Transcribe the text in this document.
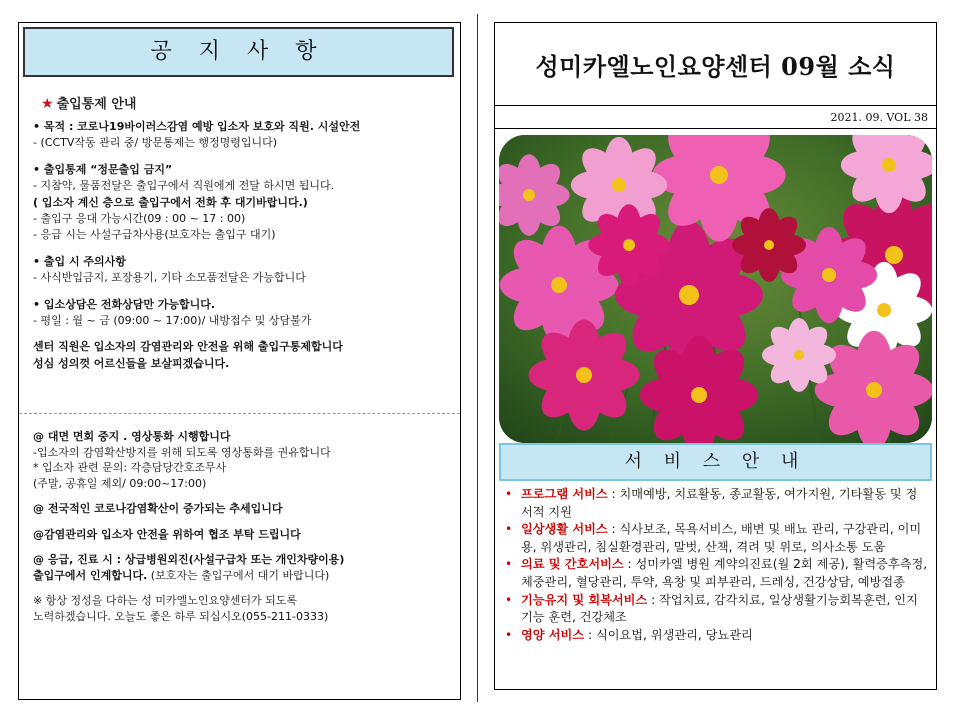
공 지 사 항
★ 출입통제 안내
• 목적 : 코로나19바이러스감염 예방 입소자 보호와 직원. 시설안전
- (CCTV작동 관리 중/ 방문통제는 행정명령입니다)
• 출입통제 “정문출입 금지”
- 지참약, 물품전달은 출입구에서 직원에게 전달 하시면 됩니다.
( 입소자 계신 층으로 출입구에서 전화 후 대기바랍니다.)
- 출입구 응대 가능시간(09 : 00 ~ 17 : 00)
- 응급 시는 사설구급차사용(보호자는 출입구 대기)
• 출입 시 주의사항
- 사식반입금지, 포장용기, 기타 소모품전달은 가능합니다
• 입소상담은 전화상담만 가능합니다.
- 평일 : 월 ~ 금 (09:00 ~ 17:00)/ 내방접수 및 상담불가
센터 직원은 입소자의 감염관리와 안전을 위해 출입구통제합니다
성심 성의껏 어르신들을 보살피겠습니다.
@ 대면 면회 중지 . 영상통화 시행합니다
-입소자의 감염확산방지를 위해 되도록 영상통화를 권유합니다
* 입소자 관련 문의: 각층담당간호조무사
(주말, 공휴일 제외/ 09:00~17:00)
@ 전국적인 코로나감염확산이 증가되는 추세입니다
@감염관리와 입소자 안전을 위하여 협조 부탁 드립니다
@ 응급, 진료 시 : 상급병원외진(사설구급차 또는 개인차량이용)
출입구에서 인계합니다. (보호자는 출입구에서 대기 바랍니다)
※ 항상 정성을 다하는 성 미카엘노인요양센터가 되도록
노력하겠습니다. 오늘도 좋은 하루 되십시오(055-211-0333)
성미카엘노인요양센터 09월 소식
2021. 09. VOL 38
서 비 스 안 내
• 프로그램 서비스 : 치매예방, 치료활동, 종교활동, 여가지원, 기타활동 및 정서적 지원
• 일상생활 서비스 : 식사보조, 목욕서비스, 배변 및 배뇨 관리, 구강관리, 이미용, 위생관리, 침실환경관리, 말벗, 산책, 격려 및 위로, 의사소통 도움
• 의료 및 간호서비스 : 성미카엘 병원 계약의진료(월 2회 제공), 활력증후측정, 체중관리, 혈당관리, 투약, 욕창 및 피부관리, 드레싱, 건강상담, 예방접종
• 기능유지 및 회복서비스 : 작업치료, 감각치료, 일상생활기능회복훈련, 인지 기능 훈련, 건강체조
• 영양 서비스 : 식이요법, 위생관리, 당뇨관리
